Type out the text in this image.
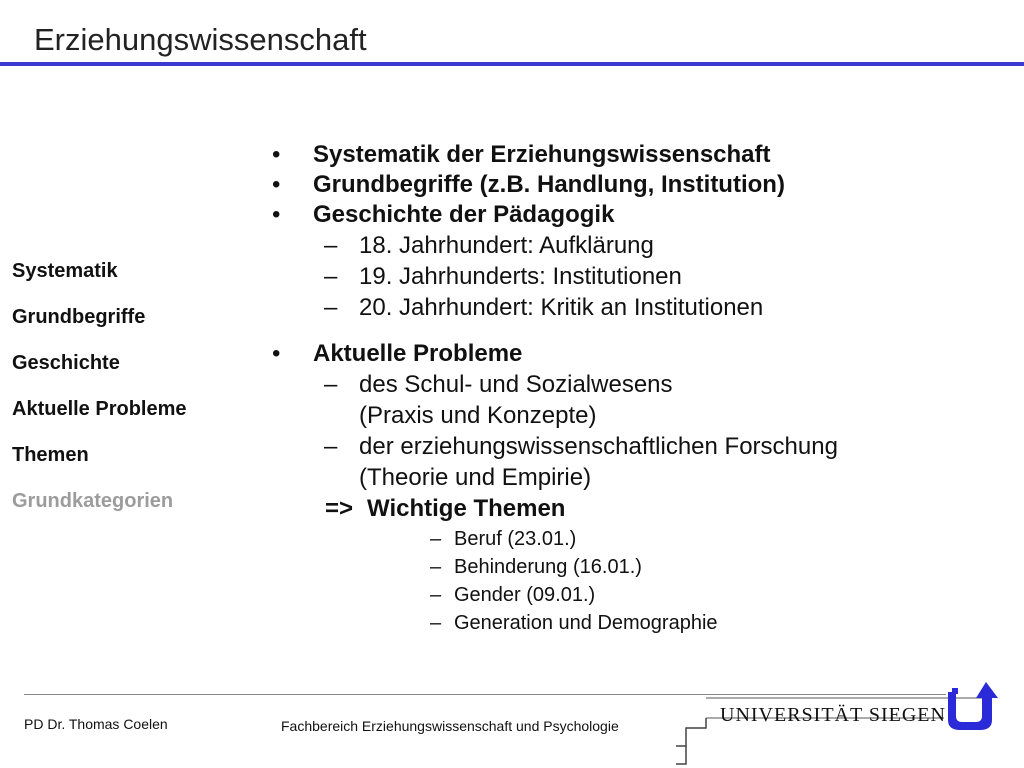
Erziehungswissenschaft
Systematik
Grundbegriffe
Geschichte
Aktuelle Probleme
Themen
Grundkategorien
• Systematik der Erziehungswissenschaft
• Grundbegriffe (z.B. Handlung, Institution)
• Geschichte der Pädagogik
– 18. Jahrhundert: Aufklärung
– 19. Jahrhunderts: Institutionen
– 20. Jahrhundert: Kritik an Institutionen
• Aktuelle Probleme
– des Schul- und Sozialwesens
(Praxis und Konzepte)
– der erziehungswissenschaftlichen Forschung
(Theorie und Empirie)
=> Wichtige Themen
– Beruf (23.01.)
– Behinderung (16.01.)
– Gender (09.01.)
– Generation und Demographie
PD Dr. Thomas Coelen	Fachbereich Erziehungswissenschaft und Psychologie	UNIVERSITÄT SIEGEN
